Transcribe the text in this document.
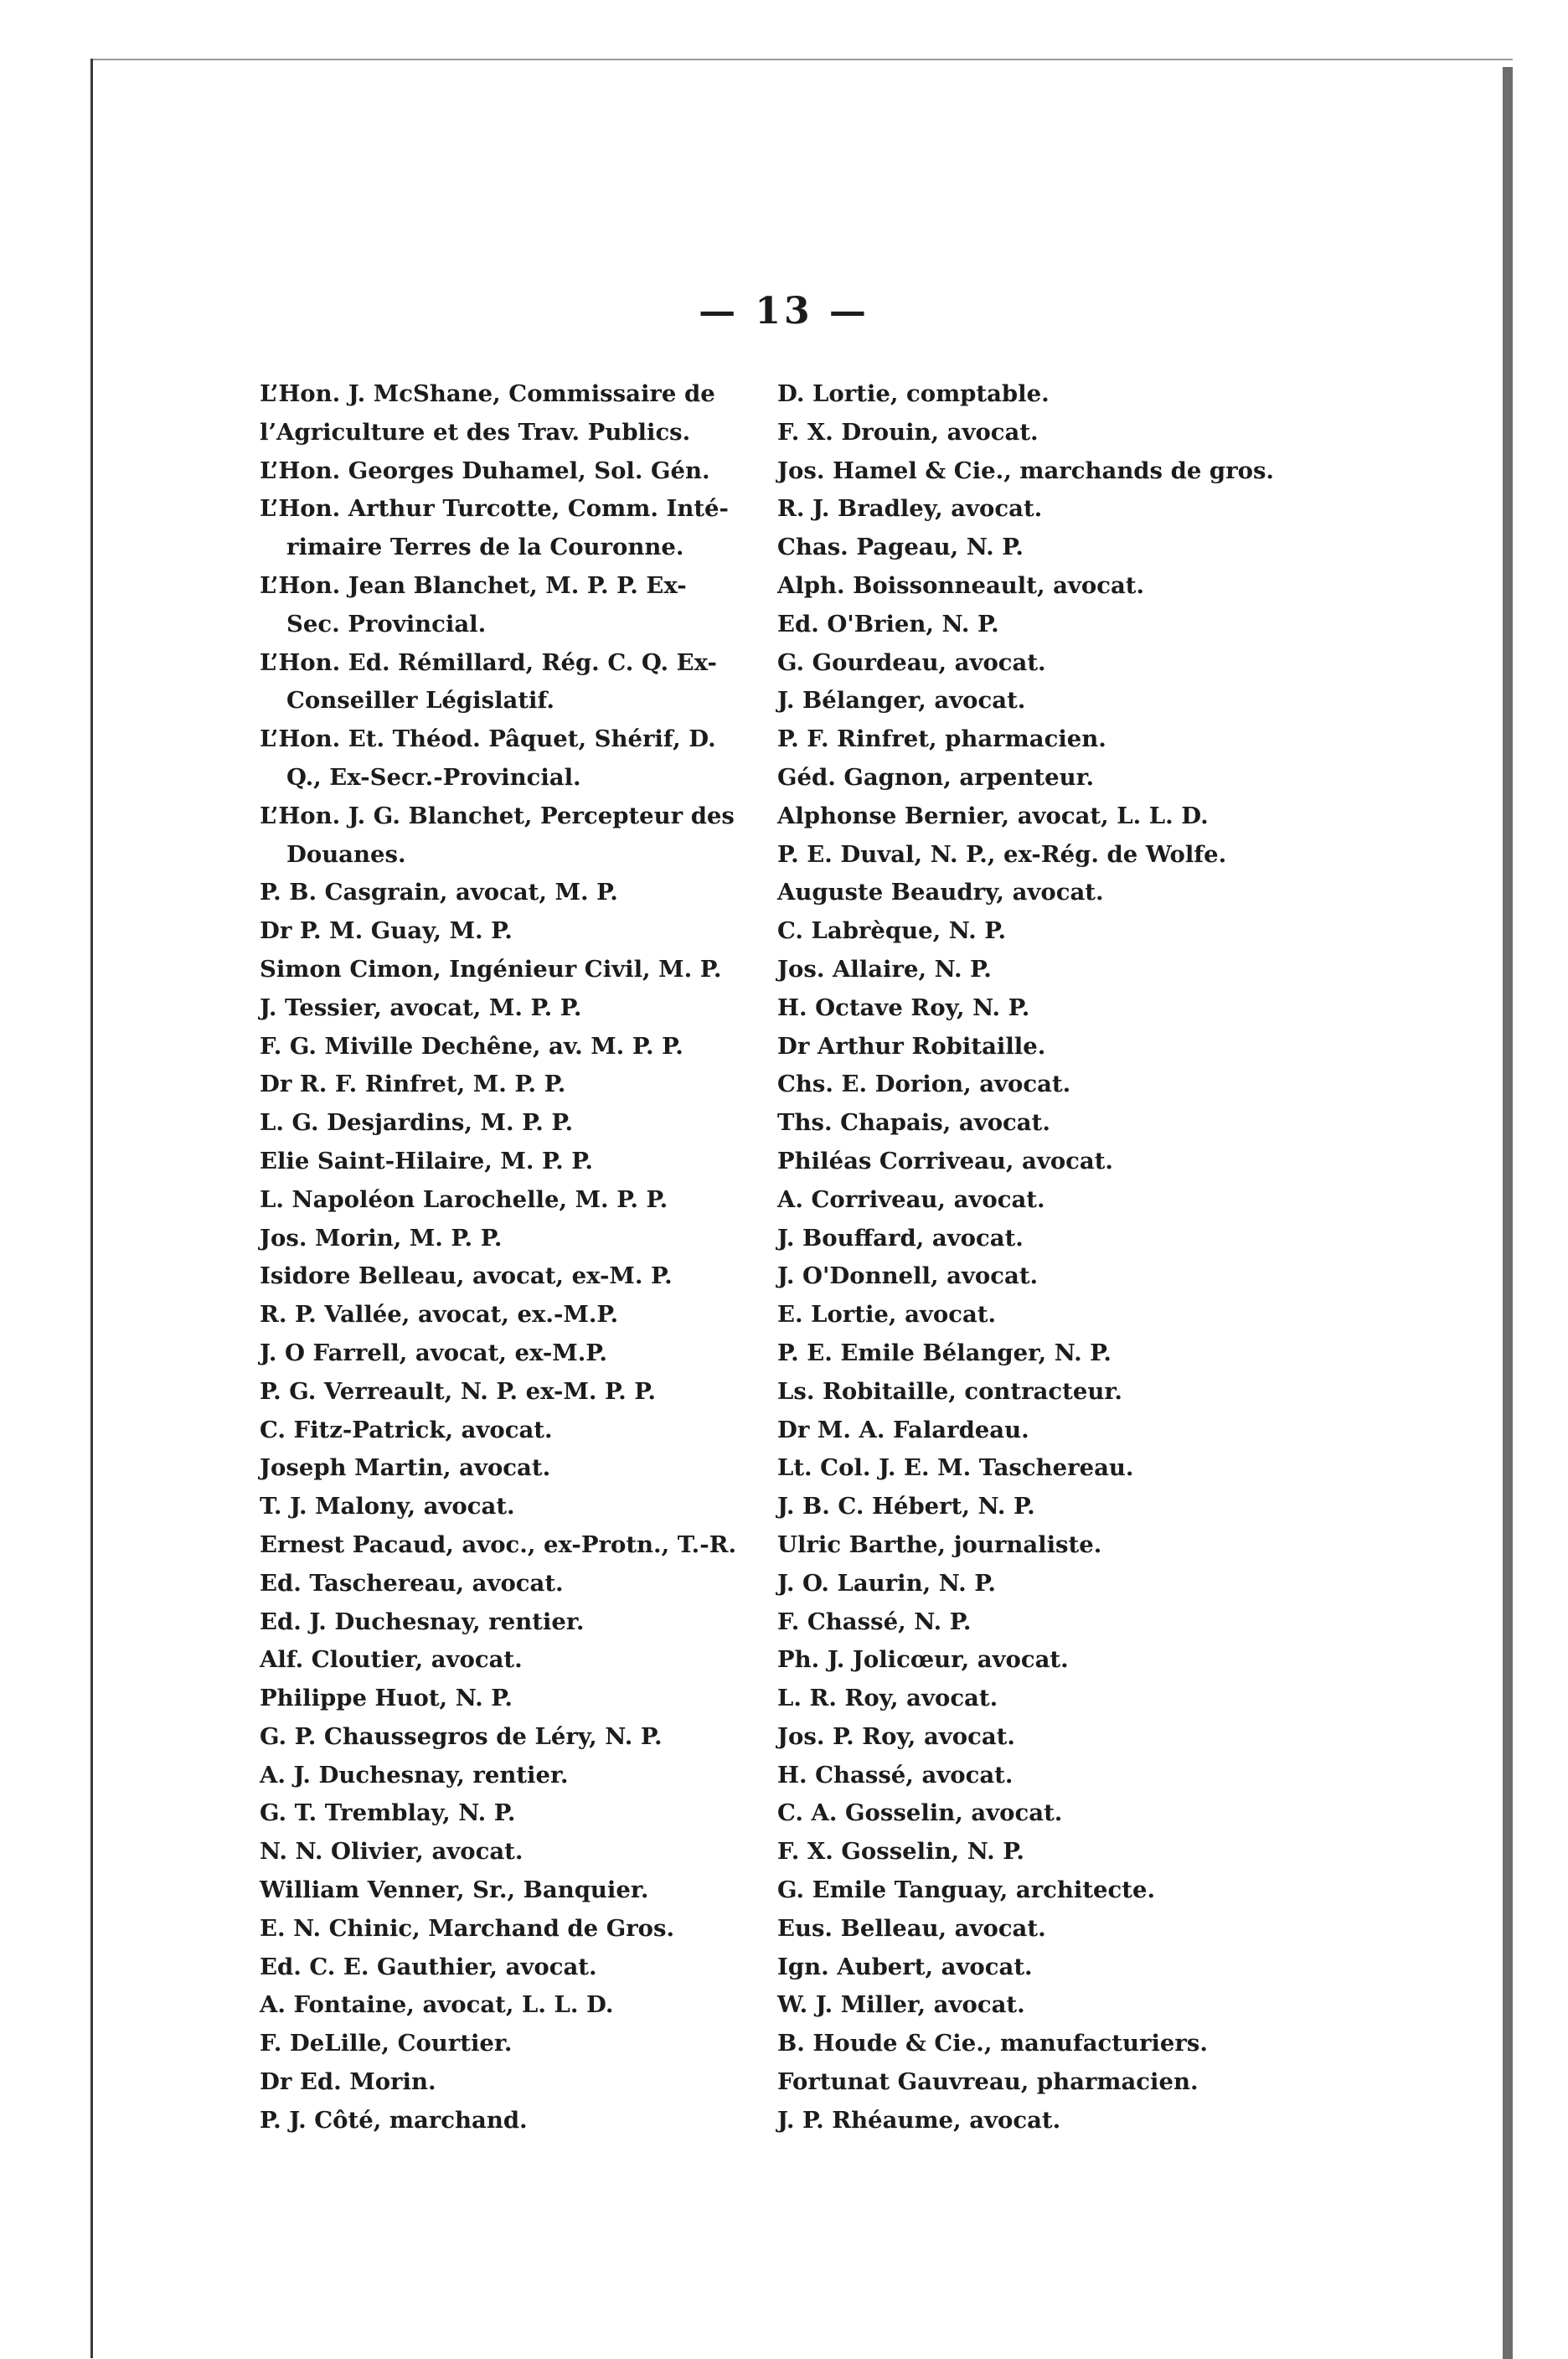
— 13 —
L’Hon. J. McShane, Commissaire de
l’Agriculture et des Trav. Publics.
L’Hon. Georges Duhamel, Sol. Gén.
L’Hon. Arthur Turcotte, Comm. Inté-
rimaire Terres de la Couronne.
L’Hon. Jean Blanchet, M. P. P. Ex-
Sec. Provincial.
L’Hon. Ed. Rémillard, Rég. C. Q. Ex-
Conseiller Législatif.
L’Hon. Et. Théod. Pâquet, Shérif, D.
Q., Ex-Secr.-Provincial.
L’Hon. J. G. Blanchet, Percepteur des
Douanes.
P. B. Casgrain, avocat, M. P.
Dr P. M. Guay, M. P.
Simon Cimon, Ingénieur Civil, M. P.
J. Tessier, avocat, M. P. P.
F. G. Miville Dechêne, av. M. P. P.
Dr R. F. Rinfret, M. P. P.
L. G. Desjardins, M. P. P.
Elie Saint-Hilaire, M. P. P.
L. Napoléon Larochelle, M. P. P.
Jos. Morin, M. P. P.
Isidore Belleau, avocat, ex-M. P.
R. P. Vallée, avocat, ex.-M.P.
J. O Farrell, avocat, ex-M.P.
P. G. Verreault, N. P. ex-M. P. P.
C. Fitz-Patrick, avocat.
Joseph Martin, avocat.
T. J. Malony, avocat.
Ernest Pacaud, avoc., ex-Protn., T.-R.
Ed. Taschereau, avocat.
Ed. J. Duchesnay, rentier.
Alf. Cloutier, avocat.
Philippe Huot, N. P.
G. P. Chaussegros de Léry, N. P.
A. J. Duchesnay, rentier.
G. T. Tremblay, N. P.
N. N. Olivier, avocat.
William Venner, Sr., Banquier.
E. N. Chinic, Marchand de Gros.
Ed. C. E. Gauthier, avocat.
A. Fontaine, avocat, L. L. D.
F. DeLille, Courtier.
Dr Ed. Morin.
P. J. Côté, marchand.
D. Lortie, comptable.
F. X. Drouin, avocat.
Jos. Hamel & Cie., marchands de gros.
R. J. Bradley, avocat.
Chas. Pageau, N. P.
Alph. Boissonneault, avocat.
Ed. O'Brien, N. P.
G. Gourdeau, avocat.
J. Bélanger, avocat.
P. F. Rinfret, pharmacien.
Géd. Gagnon, arpenteur.
Alphonse Bernier, avocat, L. L. D.
P. E. Duval, N. P., ex-Rég. de Wolfe.
Auguste Beaudry, avocat.
C. Labrèque, N. P.
Jos. Allaire, N. P.
H. Octave Roy, N. P.
Dr Arthur Robitaille.
Chs. E. Dorion, avocat.
Ths. Chapais, avocat.
Philéas Corriveau, avocat.
A. Corriveau, avocat.
J. Bouffard, avocat.
J. O'Donnell, avocat.
E. Lortie, avocat.
P. E. Emile Bélanger, N. P.
Ls. Robitaille, contracteur.
Dr M. A. Falardeau.
Lt. Col. J. E. M. Taschereau.
J. B. C. Hébert, N. P.
Ulric Barthe, journaliste.
J. O. Laurin, N. P.
F. Chassé, N. P.
Ph. J. Jolicœur, avocat.
L. R. Roy, avocat.
Jos. P. Roy, avocat.
H. Chassé, avocat.
C. A. Gosselin, avocat.
F. X. Gosselin, N. P.
G. Emile Tanguay, architecte.
Eus. Belleau, avocat.
Ign. Aubert, avocat.
W. J. Miller, avocat.
B. Houde & Cie., manufacturiers.
Fortunat Gauvreau, pharmacien.
J. P. Rhéaume, avocat.
